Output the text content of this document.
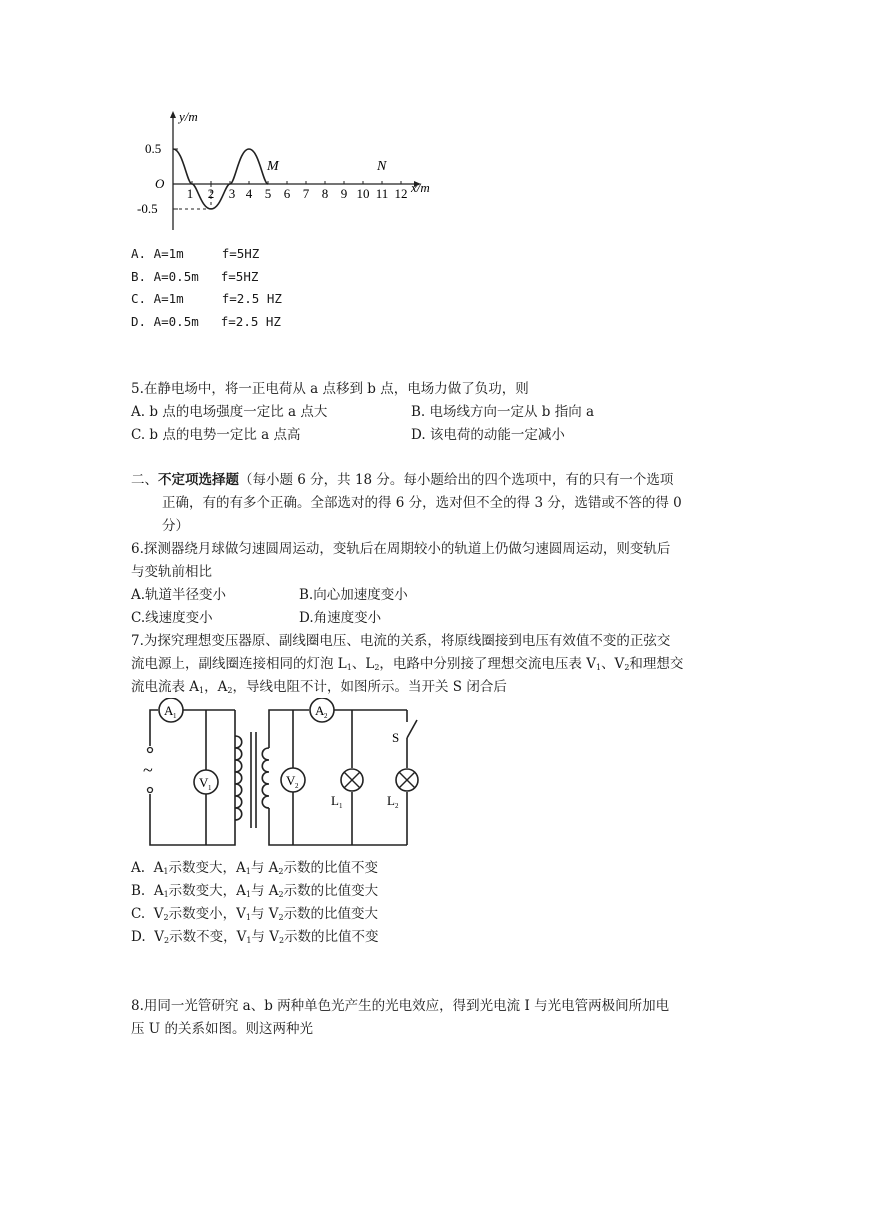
y/m
x/m
O
0.5
-0.5
1 2 3 4 5 6 7 8 9 10 11 12
M	N
A. A=1m	f=5HZ
B. A=0.5m f=5HZ
C. A=1m	f=2.5 HZ
D. A=0.5m f=2.5 HZ
5.在静电场中，将一正电荷从 a 点移到 b 点，电场力做了负功，则
A. b 点的电场强度一定比 a 点大	B. 电场线方向一定从 b 指向 a
C. b 点的电势一定比 a 点高	D. 该电荷的动能一定减小
二、不定项选择题（每小题 6 分，共 18 分。每小题给出的四个选项中，有的只有一个选项
正确，有的有多个正确。全部选对的得 6 分，选对但不全的得 3 分，选错或不答的得 0
分）
6.探测器绕月球做匀速圆周运动，变轨后在周期较小的轨道上仍做匀速圆周运动，则变轨后
与变轨前相比
A.轨道半径变小	B.向心加速度变小
C.线速度变小	D.角速度变小
7.为探究理想变压器原、副线圈电压、电流的关系，将原线圈接到电压有效值不变的正弦交
流电源上，副线圈连接相同的灯泡 $L_1$、$L_2$，电路中分别接了理想交流电压表 $V_1$、$V_2$和理想交
流电流表 $A_1$，$A_2$，导线电阻不计，如图所示。当开关 S 闭合后
~
A 1
V 1
A 2
V 2
L 1	L 2
S
A. $A_1$示数变大，$A_1$与 $A_2$示数的比值不变
B. $A_1$示数变大，$A_1$与 $A_2$示数的比值变大
C. $V_2$示数变小，$V_1$与 $V_2$示数的比值变大
D. $V_2$示数不变，$V_1$与 $V_2$示数的比值不变
8.用同一光管研究 a、b 两种单色光产生的光电效应，得到光电流 I 与光电管两极间所加电
压 U 的关系如图。则这两种光
